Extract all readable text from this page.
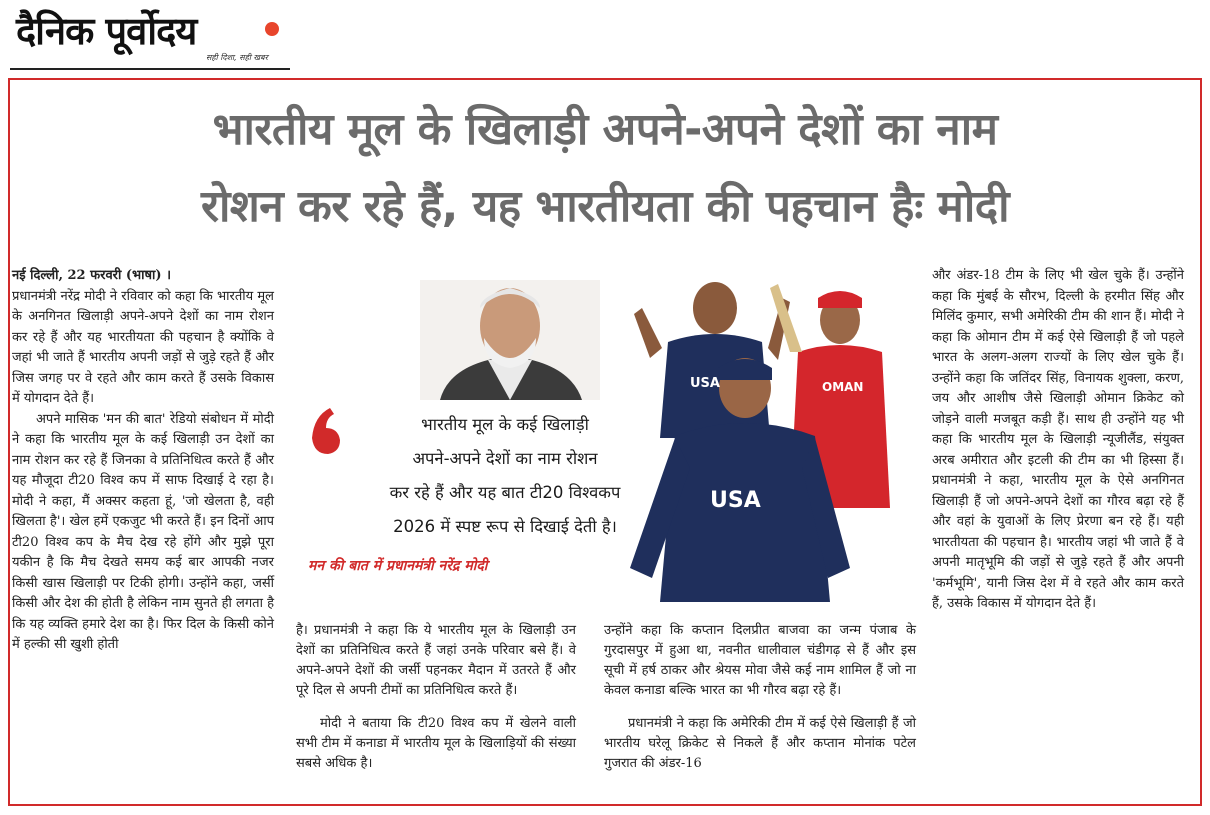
दैनिक पूर्वोदय
सही दिशा, सही खबर
भारतीय मूल के खिलाड़ी अपने-अपने देशों का नाम
रोशन कर रहे हैं, यह भारतीयता की पहचान हैः मोदी

नई दिल्ली, 22 फरवरी (भाषा) ।

प्रधानमंत्री नरेंद्र मोदी ने रविवार को कहा कि भारतीय मूल के अनगिनत खिलाड़ी अपने-अपने देशों का नाम रोशन कर रहे हैं और यह भारतीयता की पहचान है क्योंकि वे जहां भी जाते हैं भारतीय अपनी जड़ों से जुड़े रहते हैं और जिस जगह पर वे रहते और काम करते हैं उसके विकास में योगदान देते हैं।

अपने मासिक 'मन की बात' रेडियो संबोधन में मोदी ने कहा कि भारतीय मूल के कई खिलाड़ी उन देशों का नाम रोशन कर रहे हैं जिनका वे प्रतिनिधित्व करते हैं और यह मौजूदा टी20 विश्व कप में साफ दिखाई दे रहा है। मोदी ने कहा, मैं अक्सर कहता हूं, 'जो खेलता है, वही खिलता है'। खेल हमें एकजुट भी करते हैं। इन दिनों आप टी20 विश्व कप के मैच देख रहे होंगे और मुझे पूरा यकीन है कि मैच देखते समय कई बार आपकी नजर किसी खास खिलाड़ी पर टिकी होगी। उन्होंने कहा, जर्सी किसी और देश की होती है लेकिन नाम सुनते ही लगता है कि यह व्यक्ति हमारे देश का है। फिर दिल के किसी कोने में हल्की सी खुशी होती

भारतीय मूल के कई खिलाड़ी
अपने-अपने देशों का नाम रोशन
कर रहे हैं और यह बात टी20 विश्वकप
2026 में स्पष्ट रूप से दिखाई देती है।
मन की बात में प्रधानमंत्री नरेंद्र मोदी
USA	OMAN
USA

है। प्रधानमंत्री ने कहा कि ये भारतीय मूल के खिलाड़ी उन देशों का प्रतिनिधित्व करते हैं जहां उनके परिवार बसे हैं। वे अपने-अपने देशों की जर्सी पहनकर मैदान में उतरते हैं और पूरे दिल से अपनी टीमों का प्रतिनिधित्व करते हैं।

मोदी ने बताया कि टी20 विश्व कप में खेलने वाली सभी टीम में कनाडा में भारतीय मूल के खिलाड़ियों की संख्या सबसे अधिक है।

उन्होंने कहा कि कप्तान दिलप्रीत बाजवा का जन्म पंजाब के गुरदासपुर में हुआ था, नवनीत धालीवाल चंडीगढ़ से हैं और इस सूची में हर्ष ठाकर और श्रेयस मोवा जैसे कई नाम शामिल हैं जो ना केवल कनाडा बल्कि भारत का भी गौरव बढ़ा रहे हैं।

प्रधानमंत्री ने कहा कि अमेरिकी टीम में कई ऐसे खिलाड़ी हैं जो भारतीय घरेलू क्रिकेट से निकले हैं और कप्तान मोनांक पटेल गुजरात की अंडर-16

और अंडर-18 टीम के लिए भी खेल चुके हैं। उन्होंने कहा कि मुंबई के सौरभ, दिल्ली के हरमीत सिंह और मिलिंद कुमार, सभी अमेरिकी टीम की शान हैं। मोदी ने कहा कि ओमान टीम में कई ऐसे खिलाड़ी हैं जो पहले भारत के अलग-अलग राज्यों के लिए खेल चुके हैं। उन्होंने कहा कि जतिंदर सिंह, विनायक शुक्ला, करण, जय और आशीष जैसे खिलाड़ी ओमान क्रिकेट को जोड़ने वाली मजबूत कड़ी हैं। साथ ही उन्होंने यह भी कहा कि भारतीय मूल के खिलाड़ी न्यूजीलैंड, संयुक्त अरब अमीरात और इटली की टीम का भी हिस्सा हैं। प्रधानमंत्री ने कहा, भारतीय मूल के ऐसे अनगिनत खिलाड़ी हैं जो अपने-अपने देशों का गौरव बढ़ा रहे हैं और वहां के युवाओं के लिए प्रेरणा बन रहे हैं। यही भारतीयता की पहचान है। भारतीय जहां भी जाते हैं वे अपनी मातृभूमि की जड़ों से जुड़े रहते हैं और अपनी 'कर्मभूमि', यानी जिस देश में वे रहते और काम करते हैं, उसके विकास में योगदान देते हैं।
